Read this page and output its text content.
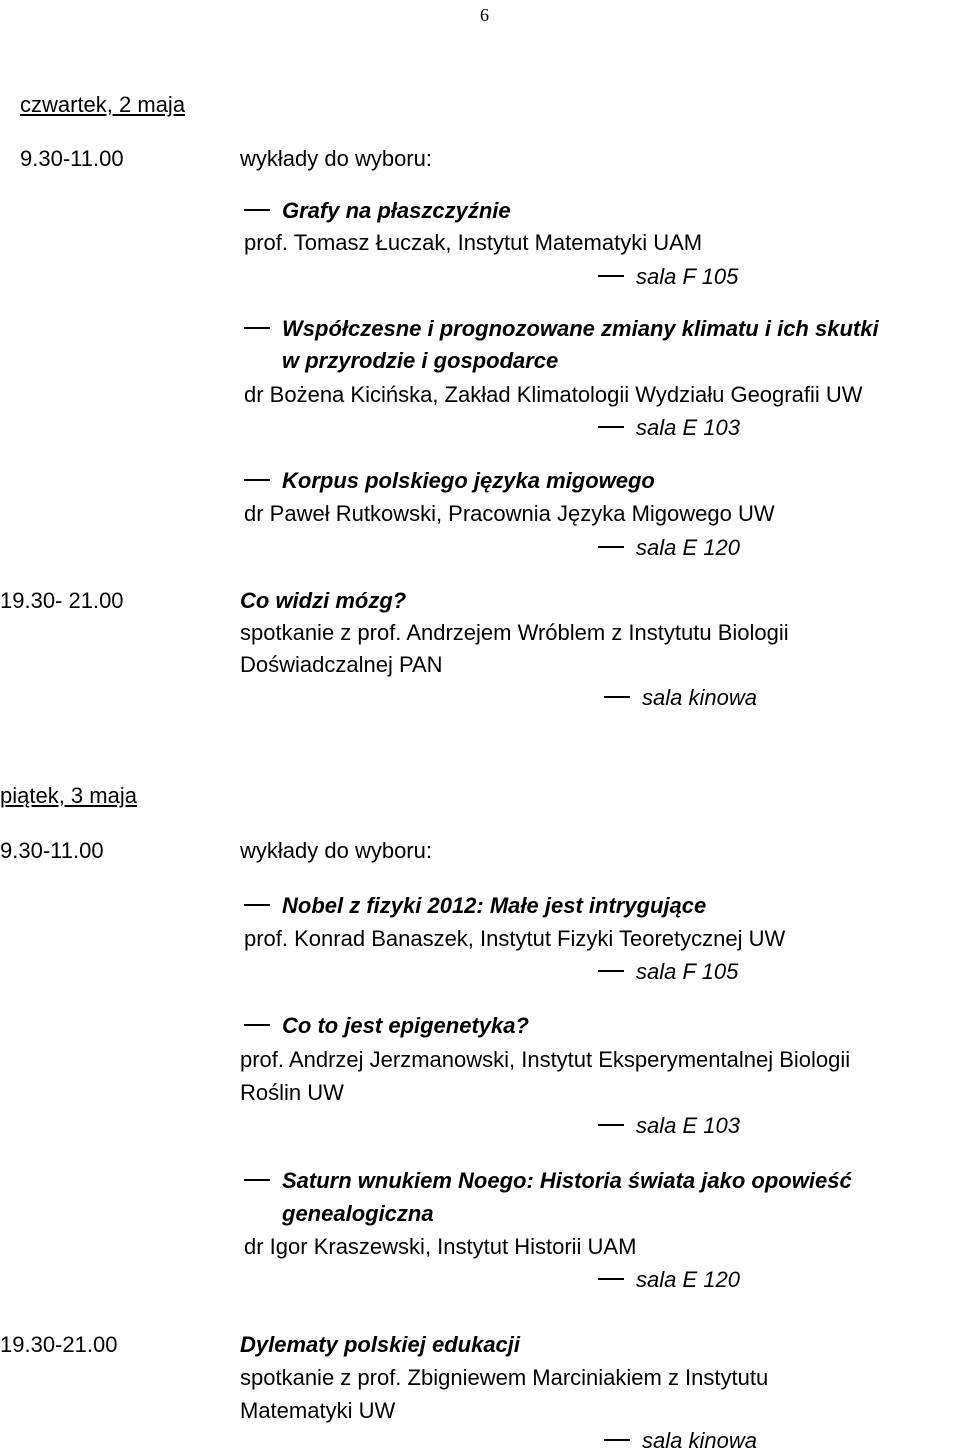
6
czwartek, 2 maja
9.30-11.00	wykłady do wyboru:
Grafy na płaszczyźnie
prof. Tomasz Łuczak, Instytut Matematyki UAM
sala F 105
Współczesne i prognozowane zmiany klimatu i ich skutki
w przyrodzie i gospodarce
dr Bożena Kicińska, Zakład Klimatologii Wydziału Geografii UW
sala E 103
Korpus polskiego języka migowego
dr Paweł Rutkowski, Pracownia Języka Migowego UW
sala E 120
19.30- 21.00	Co widzi mózg?
spotkanie z prof. Andrzejem Wróblem z Instytutu Biologii
Doświadczalnej PAN
sala kinowa
piątek, 3 maja
9.30-11.00	wykłady do wyboru:
Nobel z fizyki 2012: Małe jest intrygujące
prof. Konrad Banaszek, Instytut Fizyki Teoretycznej UW
sala F 105
Co to jest epigenetyka?
prof. Andrzej Jerzmanowski, Instytut Eksperymentalnej Biologii
Roślin UW
sala E 103
Saturn wnukiem Noego: Historia świata jako opowieść
genealogiczna
dr Igor Kraszewski, Instytut Historii UAM
sala E 120
19.30-21.00	Dylematy polskiej edukacji
spotkanie z prof. Zbigniewem Marciniakiem z Instytutu
Matematyki UW
sala kinowa
